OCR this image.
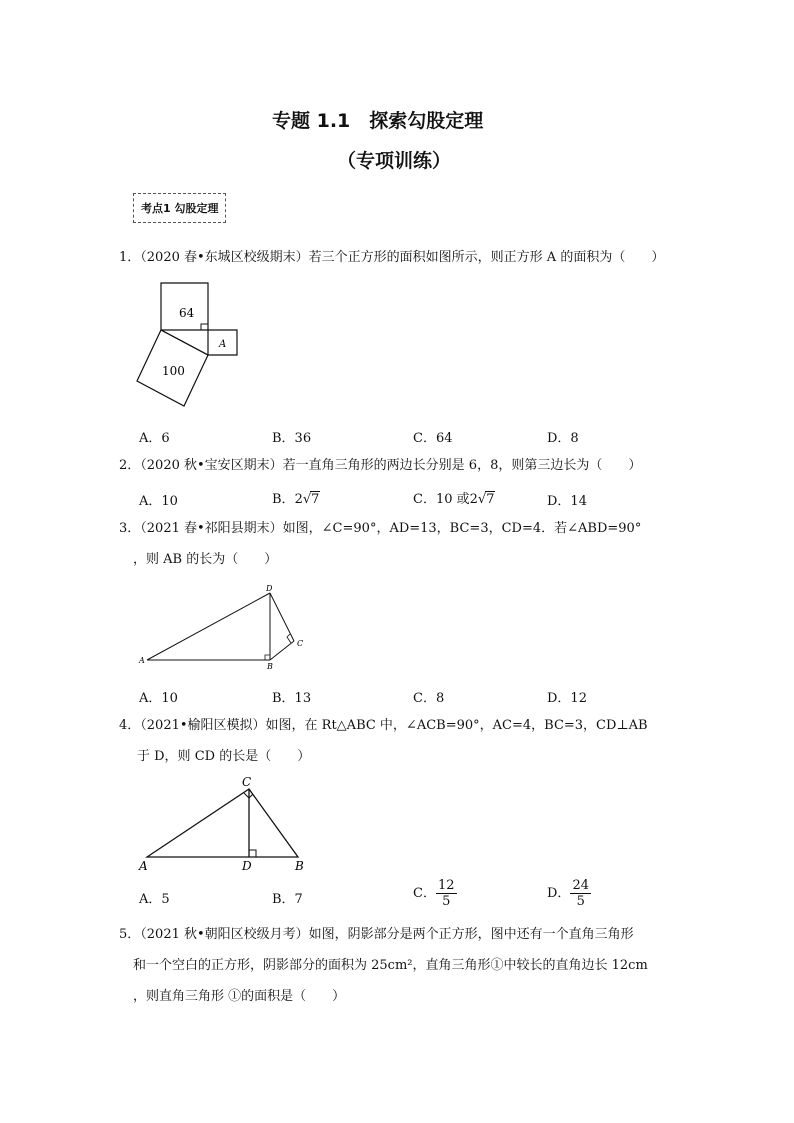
专题 1.1　探索勾股定理
（专项训练）
考点1 勾股定理
1．（2020 春•东城区校级期末）若三个正方形的面积如图所示，则正方形 A 的面积为（　　）
64
100
A
A．6	B．36	C．64	D．8
2．（2020 秋•宝安区期末）若一直角三角形的两边长分别是 6，8，则第三边长为（　　）
A．10	B．2√7	C．10 或2√7	D．14
3．（2021 春•祁阳县期末）如图，∠C=90°，AD=13，BC=3，CD=4．若∠ABD=90°
，则 AB 的长为（　　）
D
A
B
C
A．10	B．13	C．8	D．12
4．（2021•榆阳区模拟）如图，在 Rt△ABC 中，∠ACB=90°，AC=4，BC=3，CD⊥AB
于 D，则 CD 的长是（　　）
C
A	D	B
A．5	B．7	C． $\frac{12}{5}$	D． $\frac{24}{5}$
5．（2021 秋•朝阳区校级月考）如图，阴影部分是两个正方形，图中还有一个直角三角形
和一个空白的正方形，阴影部分的面积为 25cm²，直角三角形①中较长的直角边长 12cm
，则直角三角形 ①的面积是（　　）
